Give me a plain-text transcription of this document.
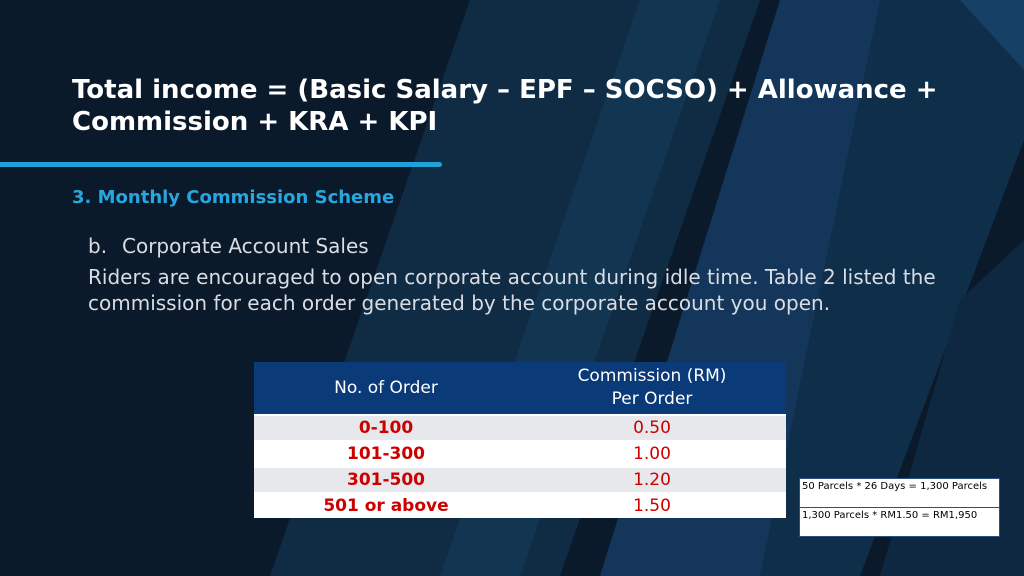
Total income = (Basic Salary – EPF – SOCSO) + Allowance + Commission + KRA + KPI
3. Monthly Commission Scheme
b. Corporate Account Sales
Riders are encouraged to open corporate account during idle time. Table 2 listed the commission for each order generated by the corporate account you open.
No. of Order	Commission (RM) Per Order

0-100	0.50
101-300	1.00
301-500	1.20
501 or above	1.50
50 Parcels * 26 Days = 1,300 Parcels
1,300 Parcels * RM1.50 = RM1,950
